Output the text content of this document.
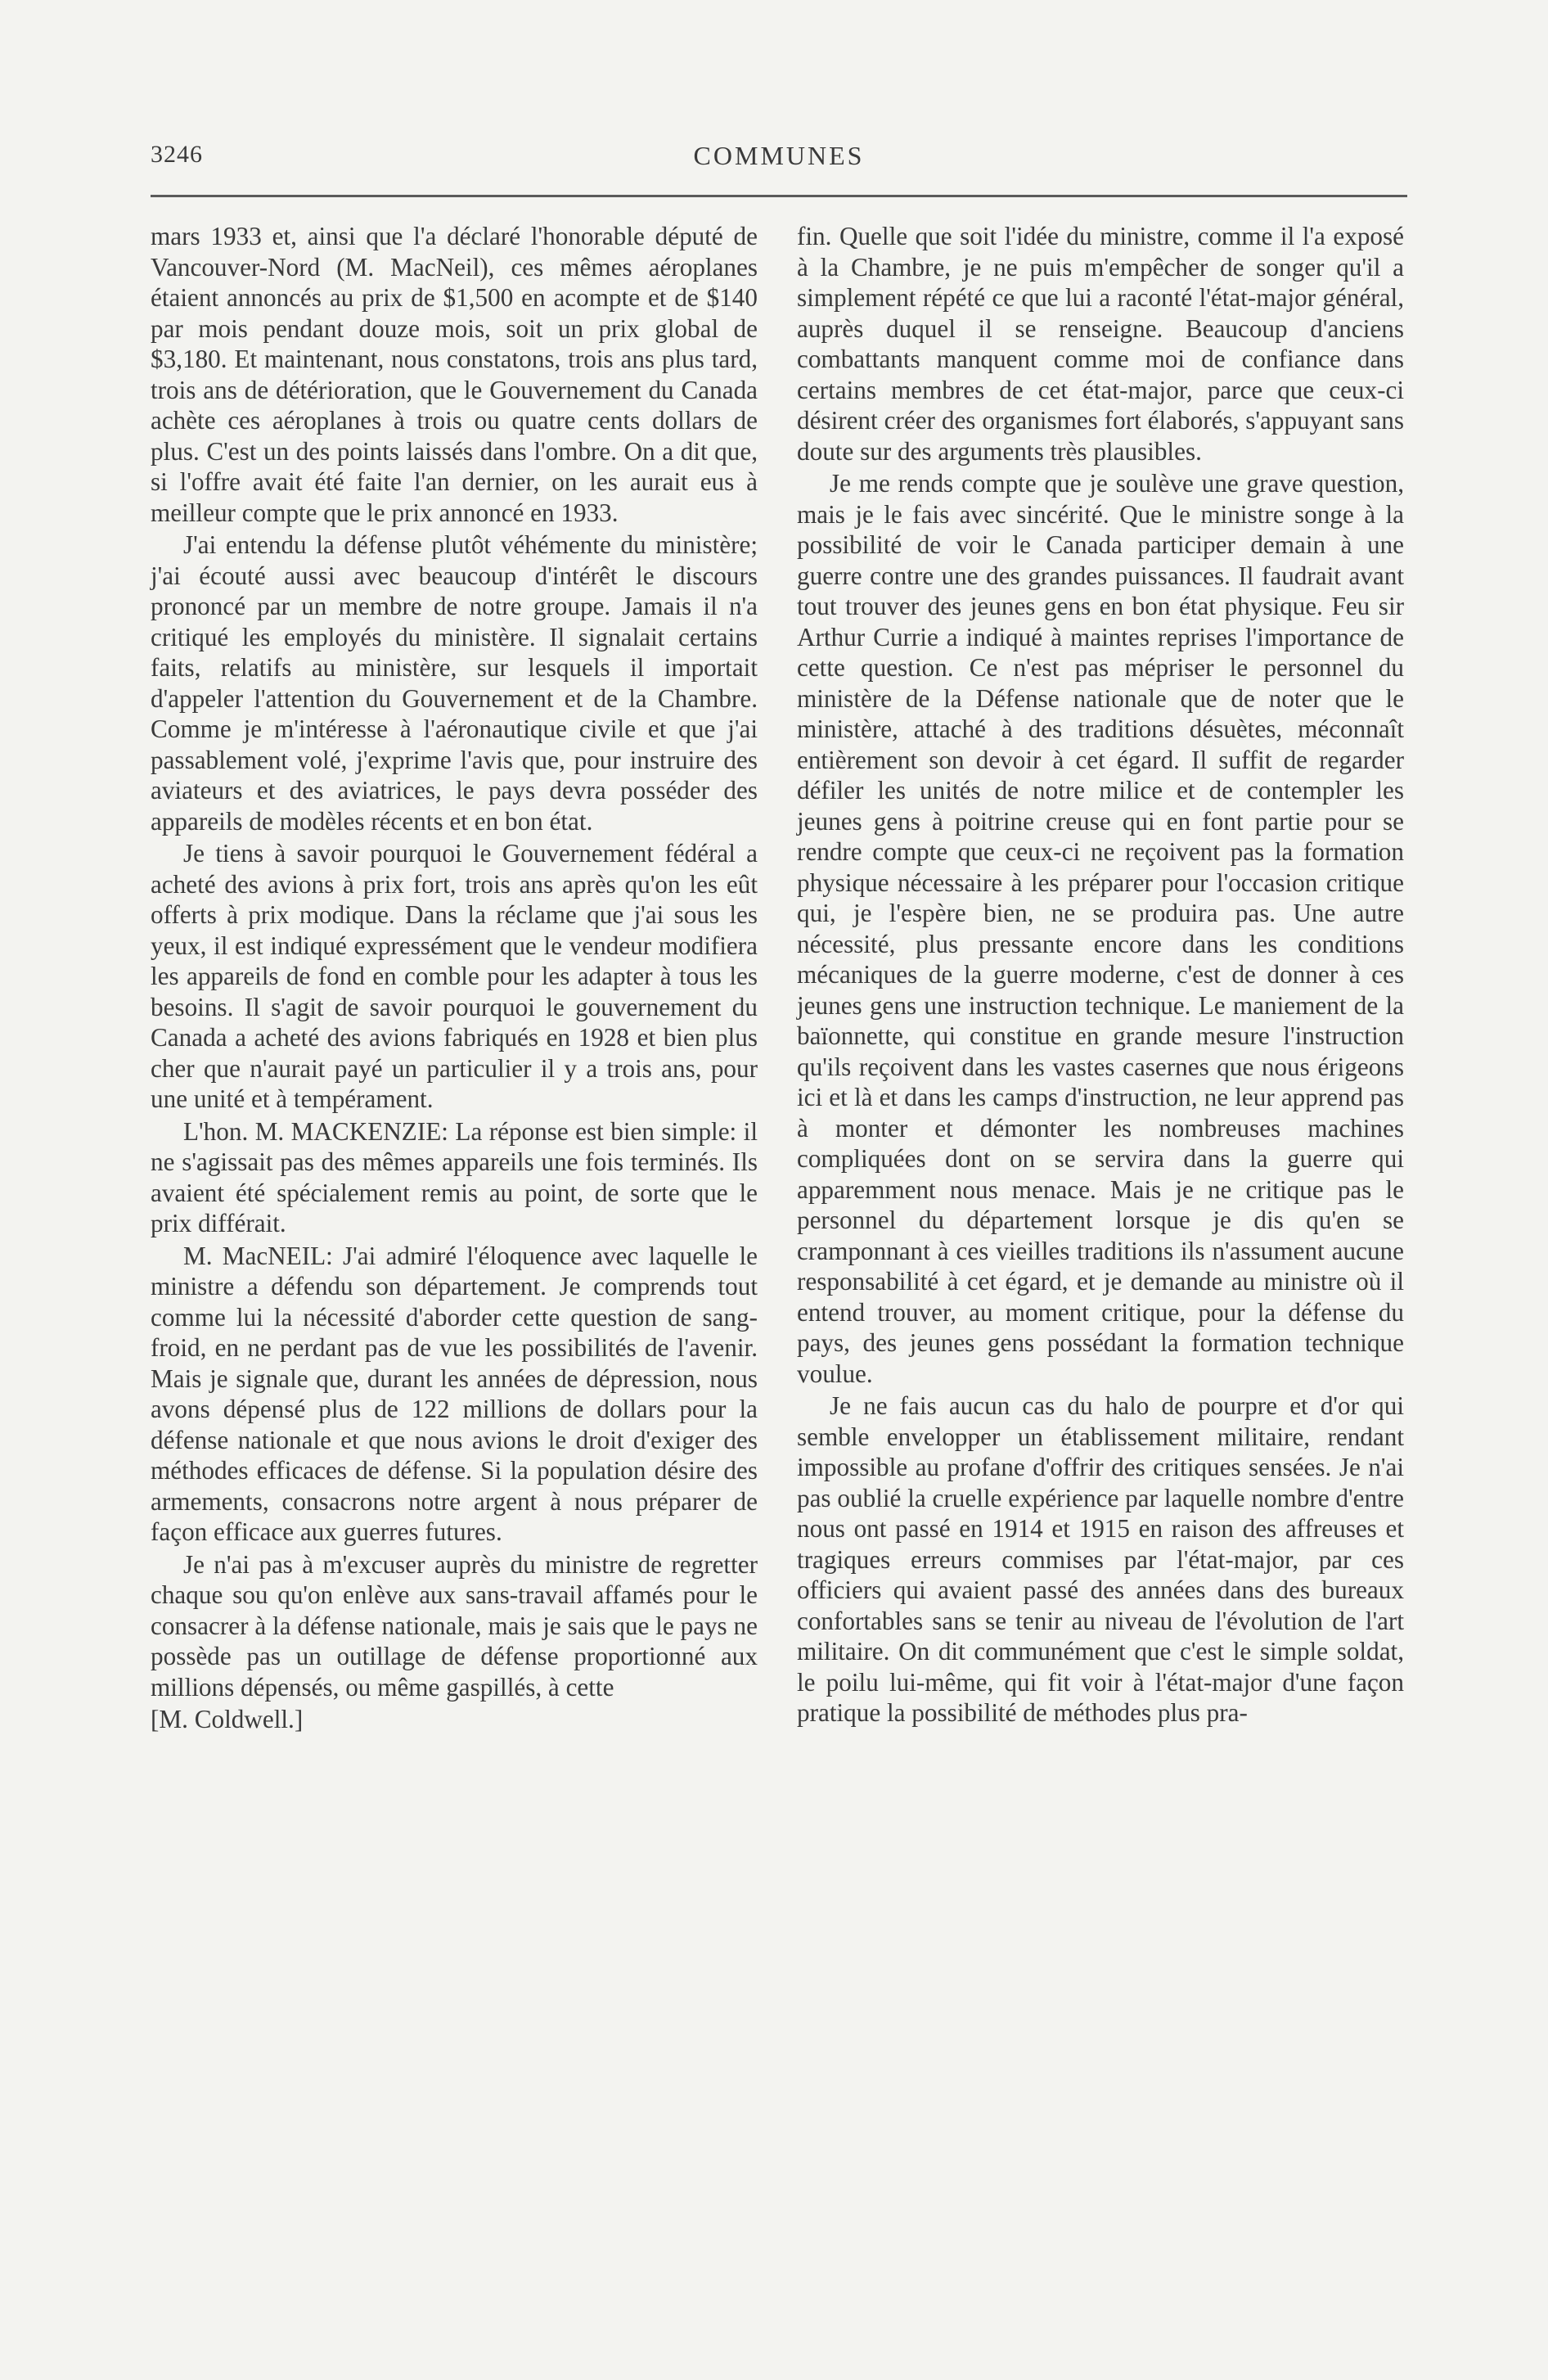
3246	COMMUNES

mars 1933 et, ainsi que l'a déclaré l'honorable député de Vancouver-Nord (M. MacNeil), ces mêmes aéroplanes étaient annoncés au prix de $1,500 en acompte et de $140 par mois pendant douze mois, soit un prix global de $3,180. Et maintenant, nous constatons, trois ans plus tard, trois ans de détérioration, que le Gouvernement du Canada achète ces aéroplanes à trois ou quatre cents dollars de plus. C'est un des points laissés dans l'ombre. On a dit que, si l'offre avait été faite l'an dernier, on les aurait eus à meilleur compte que le prix annoncé en 1933.

J'ai entendu la défense plutôt véhémente du ministère; j'ai écouté aussi avec beaucoup d'intérêt le discours prononcé par un membre de notre groupe. Jamais il n'a critiqué les employés du ministère. Il signalait certains faits, relatifs au ministère, sur lesquels il importait d'appeler l'attention du Gouvernement et de la Chambre. Comme je m'intéresse à l'aéronautique civile et que j'ai passablement volé, j'exprime l'avis que, pour instruire des aviateurs et des aviatrices, le pays devra posséder des appareils de modèles récents et en bon état.

Je tiens à savoir pourquoi le Gouvernement fédéral a acheté des avions à prix fort, trois ans après qu'on les eût offerts à prix modique. Dans la réclame que j'ai sous les yeux, il est indiqué expressément que le vendeur modifiera les appareils de fond en comble pour les adapter à tous les besoins. Il s'agit de savoir pourquoi le gouvernement du Canada a acheté des avions fabriqués en 1928 et bien plus cher que n'aurait payé un particulier il y a trois ans, pour une unité et à tempérament.

L'hon. M. MACKENZIE: La réponse est bien simple: il ne s'agissait pas des mêmes appareils une fois terminés. Ils avaient été spécialement remis au point, de sorte que le prix différait.

M. MacNEIL: J'ai admiré l'éloquence avec laquelle le ministre a défendu son département. Je comprends tout comme lui la nécessité d'aborder cette question de sang-froid, en ne perdant pas de vue les possibilités de l'avenir. Mais je signale que, durant les années de dépression, nous avons dépensé plus de 122 millions de dollars pour la défense nationale et que nous avions le droit d'exiger des méthodes efficaces de défense. Si la population désire des armements, consacrons notre argent à nous préparer de façon efficace aux guerres futures.

Je n'ai pas à m'excuser auprès du ministre de regretter chaque sou qu'on enlève aux sans-travail affamés pour le consacrer à la défense nationale, mais je sais que le pays ne possède pas un outillage de défense proportionné aux millions dépensés, ou même gaspillés, à cette

[M. Coldwell.]

fin. Quelle que soit l'idée du ministre, comme il l'a exposé à la Chambre, je ne puis m'empêcher de songer qu'il a simplement répété ce que lui a raconté l'état-major général, auprès duquel il se renseigne. Beaucoup d'anciens combattants manquent comme moi de confiance dans certains membres de cet état-major, parce que ceux-ci désirent créer des organismes fort élaborés, s'appuyant sans doute sur des arguments très plausibles.

Je me rends compte que je soulève une grave question, mais je le fais avec sincérité. Que le ministre songe à la possibilité de voir le Canada participer demain à une guerre contre une des grandes puissances. Il faudrait avant tout trouver des jeunes gens en bon état physique. Feu sir Arthur Currie a indiqué à maintes reprises l'importance de cette question. Ce n'est pas mépriser le personnel du ministère de la Défense nationale que de noter que le ministère, attaché à des traditions désuètes, méconnaît entièrement son devoir à cet égard. Il suffit de regarder défiler les unités de notre milice et de contempler les jeunes gens à poitrine creuse qui en font partie pour se rendre compte que ceux-ci ne reçoivent pas la formation physique nécessaire à les préparer pour l'occasion critique qui, je l'espère bien, ne se produira pas. Une autre nécessité, plus pressante encore dans les conditions mécaniques de la guerre moderne, c'est de donner à ces jeunes gens une instruction technique. Le maniement de la baïonnette, qui constitue en grande mesure l'instruction qu'ils reçoivent dans les vastes casernes que nous érigeons ici et là et dans les camps d'instruction, ne leur apprend pas à monter et démonter les nombreuses machines compliquées dont on se servira dans la guerre qui apparemment nous menace. Mais je ne critique pas le personnel du département lorsque je dis qu'en se cramponnant à ces vieilles traditions ils n'assument aucune responsabilité à cet égard, et je demande au ministre où il entend trouver, au moment critique, pour la défense du pays, des jeunes gens possédant la formation technique voulue.

Je ne fais aucun cas du halo de pourpre et d'or qui semble envelopper un établissement militaire, rendant impossible au profane d'offrir des critiques sensées. Je n'ai pas oublié la cruelle expérience par laquelle nombre d'entre nous ont passé en 1914 et 1915 en raison des affreuses et tragiques erreurs commises par l'état-major, par ces officiers qui avaient passé des années dans des bureaux confortables sans se tenir au niveau de l'évolution de l'art militaire. On dit communément que c'est le simple soldat, le poilu lui-même, qui fit voir à l'état-major d'une façon pratique la possibilité de méthodes plus pra-
